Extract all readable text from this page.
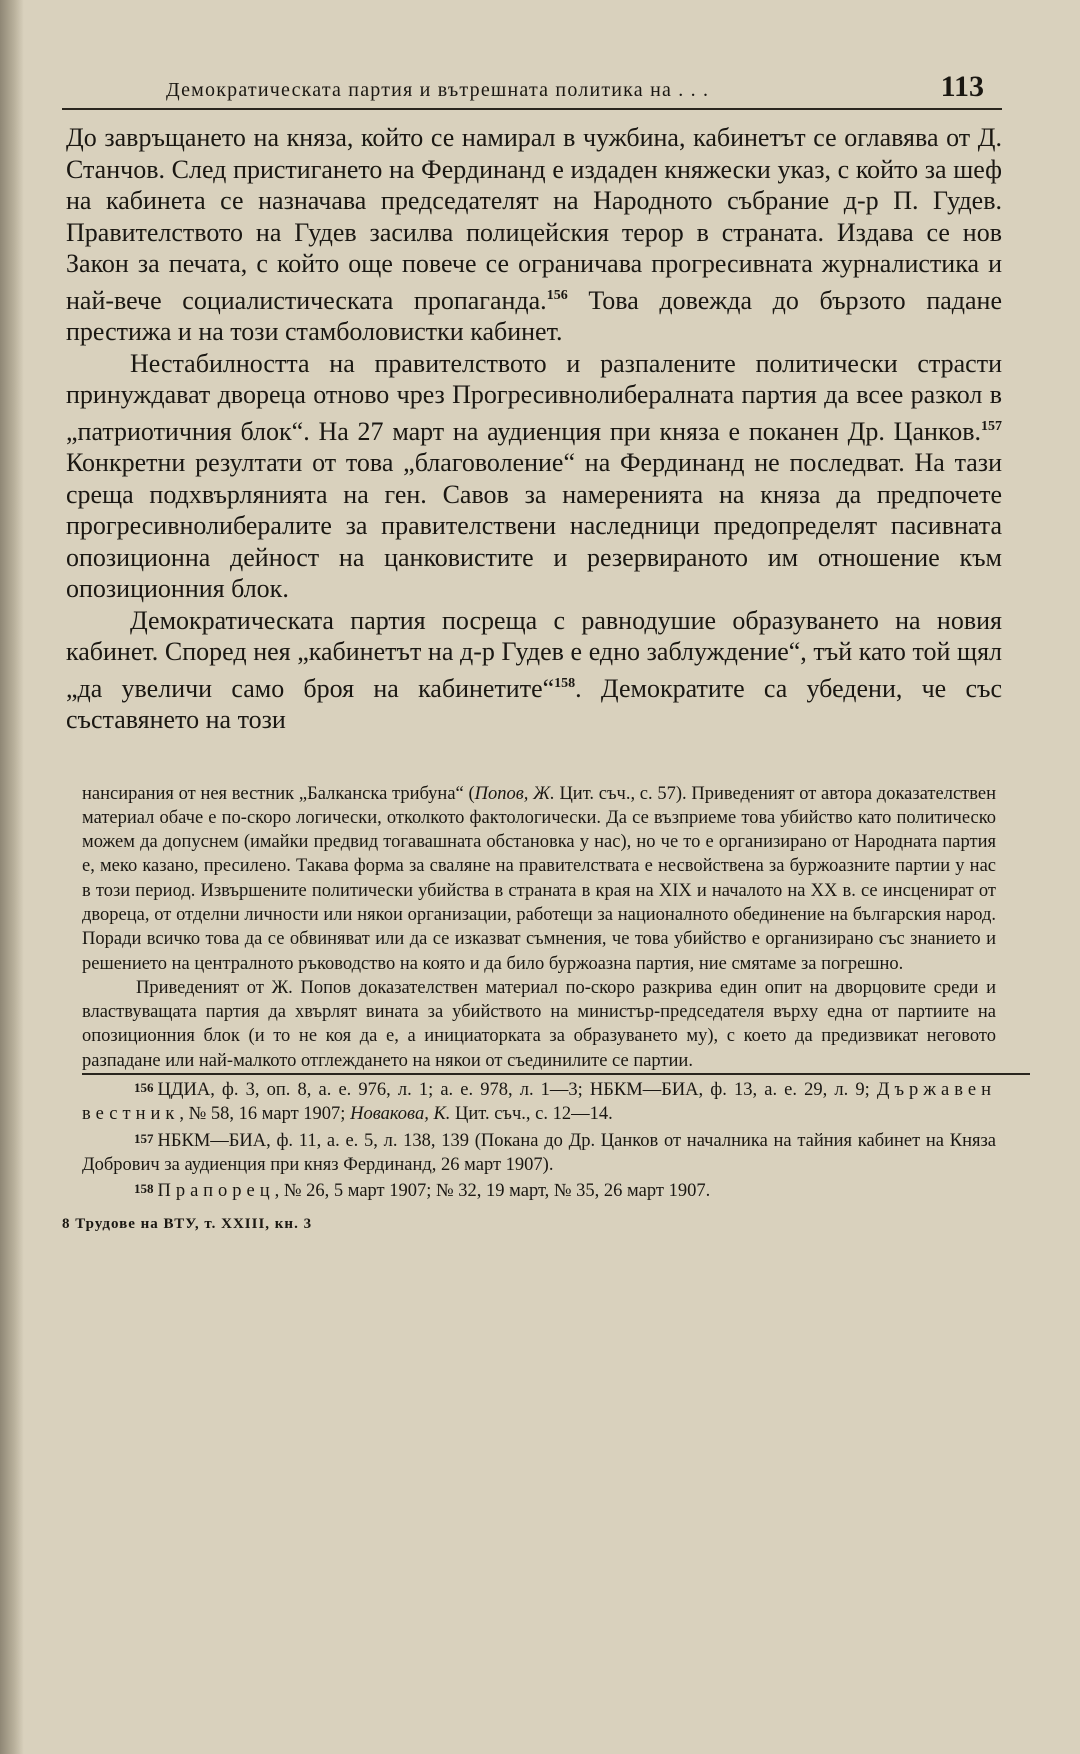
Демократическата партия и вътрешната политика на . . .	113

До завръщането на княза, който се намирал в чужбина, кабинетът се оглавява от Д. Станчов. След пристигането на Фердинанд е издаден княжески указ, с който за шеф на кабинета се назначава председателят на Народното събрание д-р П. Гудев. Правителството на Гудев засилва полицейския терор в страната. Издава се нов Закон за печата, с който още повече се ограничава прогресивната журналистика и най-вече социалистическата пропаганда.$^{156}$ Това довежда до бързото падане престижа и на този стамболовистки кабинет.

Нестабилността на правителството и разпалените политически страсти принуждават двореца отново чрез Прогресивнолибералната партия да всее разкол в „патриотичния блок“. На 27 март на аудиенция при княза е поканен Др. Цанков.$^{157}$ Конкретни резултати от това „благоволение“ на Фердинанд не последват. На тази среща подхвърлянията на ген. Савов за намеренията на княза да предпочете прогресивнолибералите за правителствени наследници предопределят пасивната опозиционна дейност на цанковистите и резервираното им отношение към опозиционния блок.

Демократическата партия посреща с равнодушие образуването на новия кабинет. Според нея „кабинетът на д-р Гудев е едно заблуждение“, тъй като той щял „да увеличи само броя на кабинетите“$^{158}$. Демократите са убедени, че със съставянето на този

нансирания от нея вестник „Балканска трибуна“ (Попов, Ж. Цит. съч., с. 57). Приведеният от автора доказателствен материал обаче е по-скоро логически, отколкото фактологически. Да се възприеме това убийство като политическо можем да допуснем (имайки предвид тогавашната обстановка у нас), но че то е организирано от Народната партия е, меко казано, пресилено. Такава форма за сваляне на правителствата е несвойствена за буржоазните партии у нас в този период. Извършените политически убийства в страната в края на XIX и началото на XX в. се инсценират от двореца, от отделни личности или някои организации, работещи за националното обединение на българския народ. Поради всичко това да се обвиняват или да се изказват съмнения, че това убийство е организирано със знанието и решението на централното ръководство на която и да било буржоазна партия, ние смятаме за погрешно.

Приведеният от Ж. Попов доказателствен материал по-скоро разкрива един опит на дворцовите среди и властвуващата партия да хвърлят вината за убийството на министър-председателя върху една от партиите на опозиционния блок (и то не коя да е, а инициаторката за образуването му), с което да предизвикат неговото разпадане или най-малкото отглеждането на някои от съединилите се партии.

156 ЦДИА, ф. 3, оп. 8, а. е. 976, л. 1; а. е. 978, л. 1—3; НБКМ—БИА, ф. 13, а. е. 29, л. 9; Държавен вестник, № 58, 16 март 1907; Новакова, К. Цит. съч., с. 12—14.

157 НБКМ—БИА, ф. 11, а. е. 5, л. 138, 139 (Покана до Др. Цанков от началника на тайния кабинет на Княза Добрович за аудиенция при княз Фердинанд, 26 март 1907).

158 Прапорец, № 26, 5 март 1907; № 32, 19 март, № 35, 26 март 1907.

8 Трудове на ВТУ, т. XXIII, кн. 3
